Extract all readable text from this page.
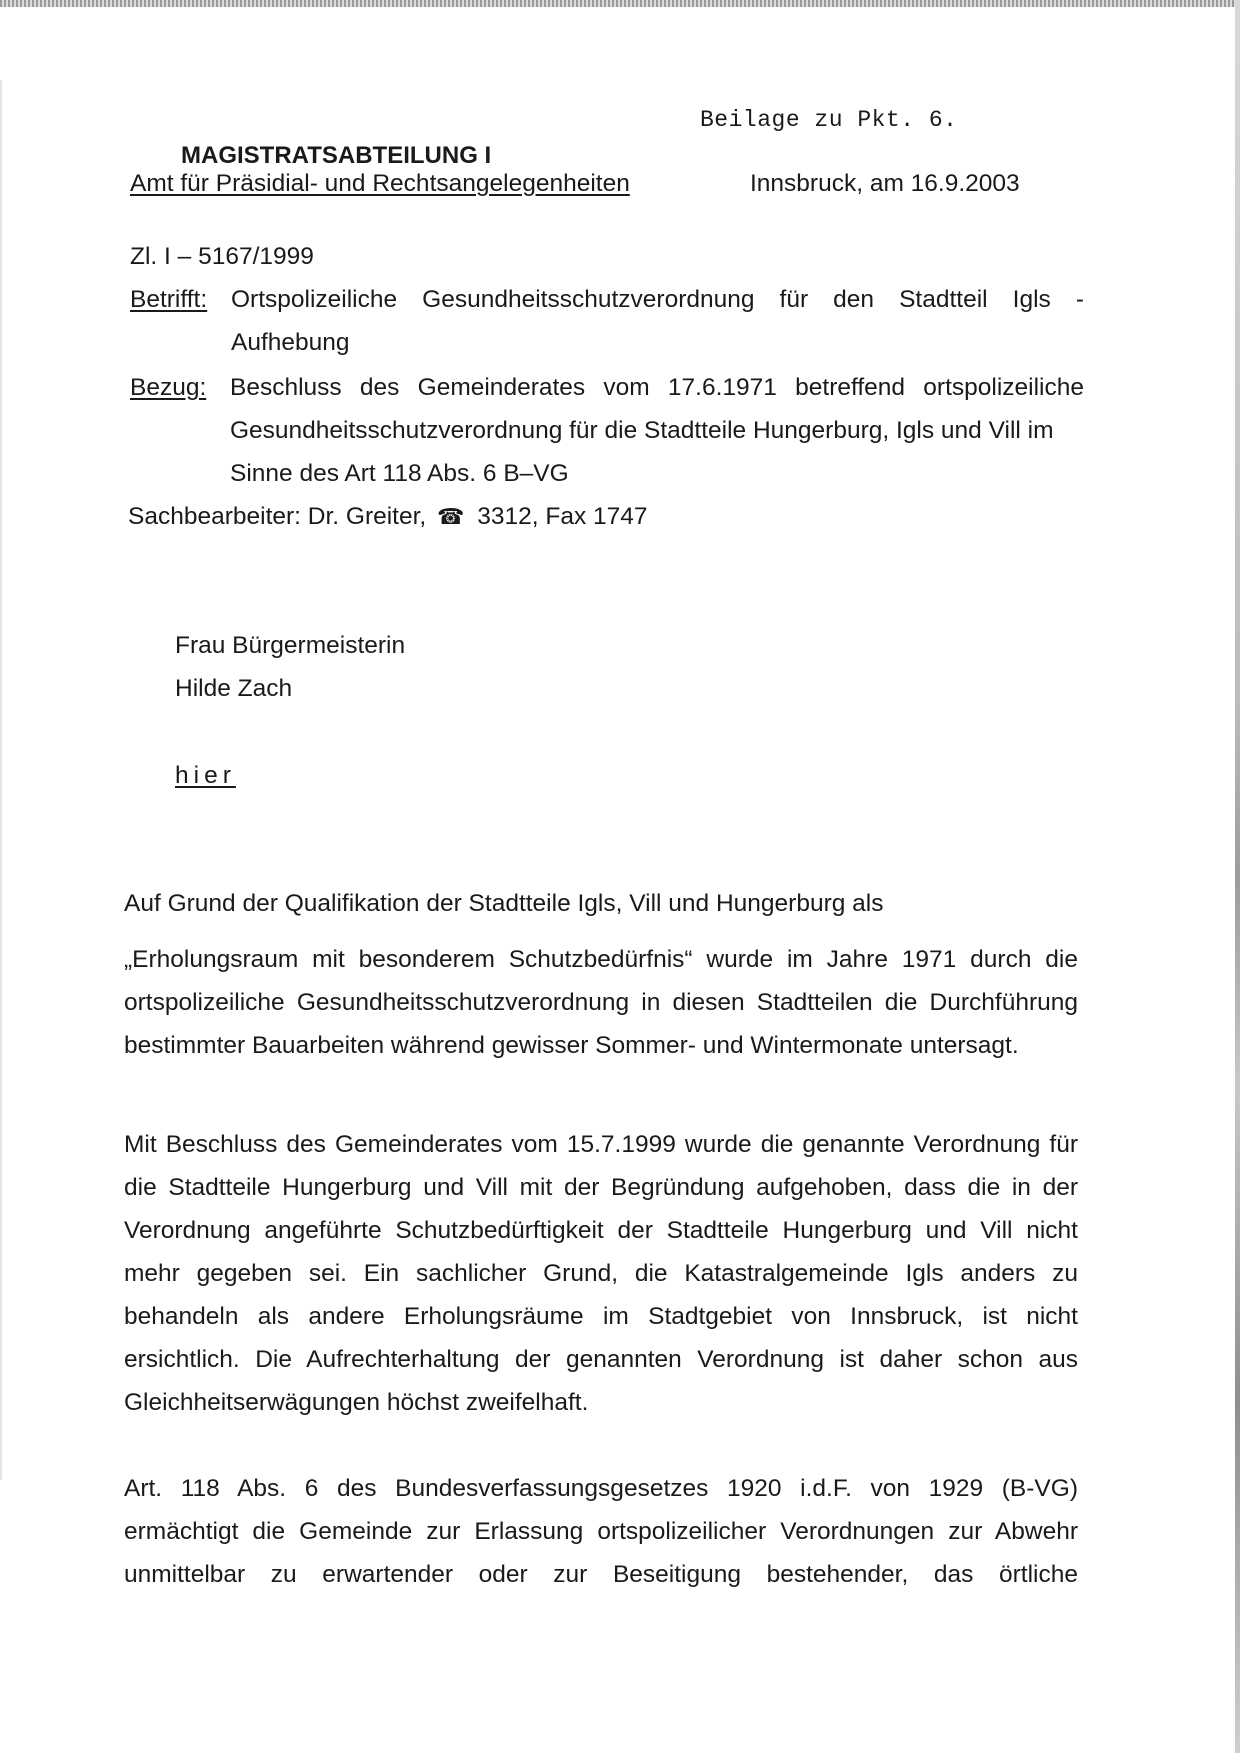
Beilage zu Pkt. 6.
MAGISTRATSABTEILUNG I
Amt für Präsidial- und Rechtsangelegenheiten	Innsbruck, am 16.9.2003
Zl. I – 5167/1999
Betrifft: Ortspolizeiliche Gesundheitsschutzverordnung für den Stadtteil Igls -
Aufhebung
Bezug: Beschluss des Gemeinderates vom 17.6.1971 betreffend ortspolizeiliche
Gesundheitsschutzverordnung für die Stadtteile Hungerburg, Igls und Vill im
Sinne des Art 118 Abs. 6 B–VG
Sachbearbeiter: Dr. Greiter, ☎ 3312, Fax 1747
Frau Bürgermeisterin
Hilde Zach
hier
Auf Grund der Qualifikation der Stadtteile Igls, Vill und Hungerburg als
„Erholungsraum mit besonderem Schutzbedürfnis“ wurde im Jahre 1971 durch die ortspolizeiliche Gesundheitsschutzverordnung in diesen Stadtteilen die Durchführung bestimmter Bauarbeiten während gewisser Sommer- und Wintermonate untersagt.
Mit Beschluss des Gemeinderates vom 15.7.1999 wurde die genannte Verordnung für die Stadtteile Hungerburg und Vill mit der Begründung aufgehoben, dass die in der Verordnung angeführte Schutzbedürftigkeit der Stadtteile Hungerburg und Vill nicht mehr gegeben sei. Ein sachlicher Grund, die Katastralgemeinde Igls anders zu behandeln als andere Erholungsräume im Stadtgebiet von Innsbruck, ist nicht ersichtlich. Die Aufrechterhaltung der genannten Verordnung ist daher schon aus Gleichheitserwägungen höchst zweifelhaft.
Art. 118 Abs. 6 des Bundesverfassungsgesetzes 1920 i.d.F. von 1929 (B-VG) ermächtigt die Gemeinde zur Erlassung ortspolizeilicher Verordnungen zur Abwehr unmittelbar zu erwartender oder zur Beseitigung bestehender, das örtliche
